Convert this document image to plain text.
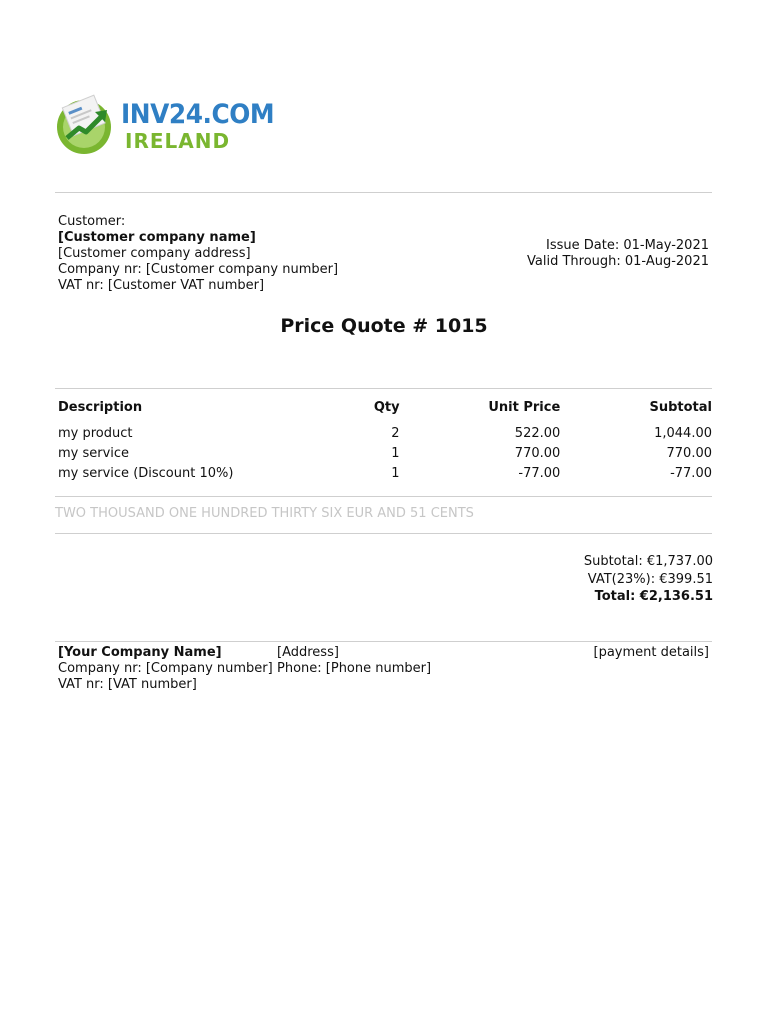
INV24.COM
IRELAND
Customer:
[Customer company name]
[Customer company address]
Company nr: [Customer company number]
VAT nr: [Customer VAT number]
Issue Date: 01-May-2021
Valid Through: 01-Aug-2021
Price Quote # 1015
Description	Qty	Unit Price	Subtotal
my product	2	522.00	1,044.00
my service	1	770.00	770.00
my service (Discount 10%)	1	-77.00	-77.00
TWO THOUSAND ONE HUNDRED THIRTY SIX EUR AND 51 CENTS
Subtotal: €1,737.00
VAT(23%): €399.51
Total: €2,136.51
[Your Company Name]
Company nr: [Company number]
VAT nr: [VAT number]
[Address]
Phone: [Phone number]
[payment details]
